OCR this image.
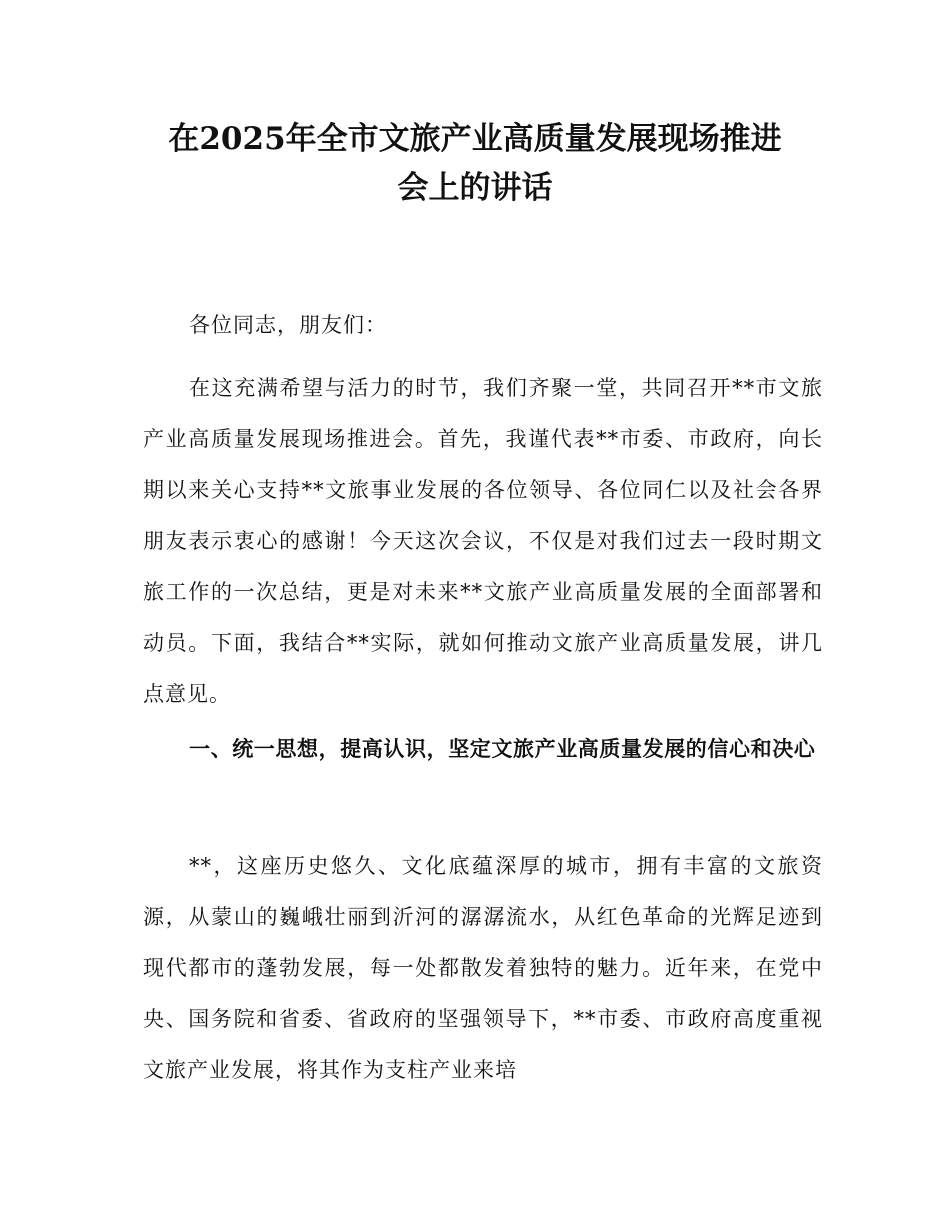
在2025年全市文旅产业高质量发展现场推进
会上的讲话

各位同志，朋友们：

在这充满希望与活力的时节，我们齐聚一堂，共同召开**市文旅产业高质量发展现场推进会。首先，我谨代表**市委、市政府，向长期以来关心支持**文旅事业发展的各位领导、各位同仁以及社会各界朋友表示衷心的感谢！今天这次会议，不仅是对我们过去一段时期文旅工作的一次总结，更是对未来**文旅产业高质量发展的全面部署和动员。下面，我结合**实际，就如何推动文旅产业高质量发展，讲几点意见。

一、统一思想，提高认识，坚定文旅产业高质量发展的信心和决心

**，这座历史悠久、文化底蕴深厚的城市，拥有丰富的文旅资源，从蒙山的巍峨壮丽到沂河的潺潺流水，从红色革命的光辉足迹到现代都市的蓬勃发展，每一处都散发着独特的魅力。近年来，在党中央、国务院和省委、省政府的坚强领导下，**市委、市政府高度重视文旅产业发展，将其作为支柱产业来培
